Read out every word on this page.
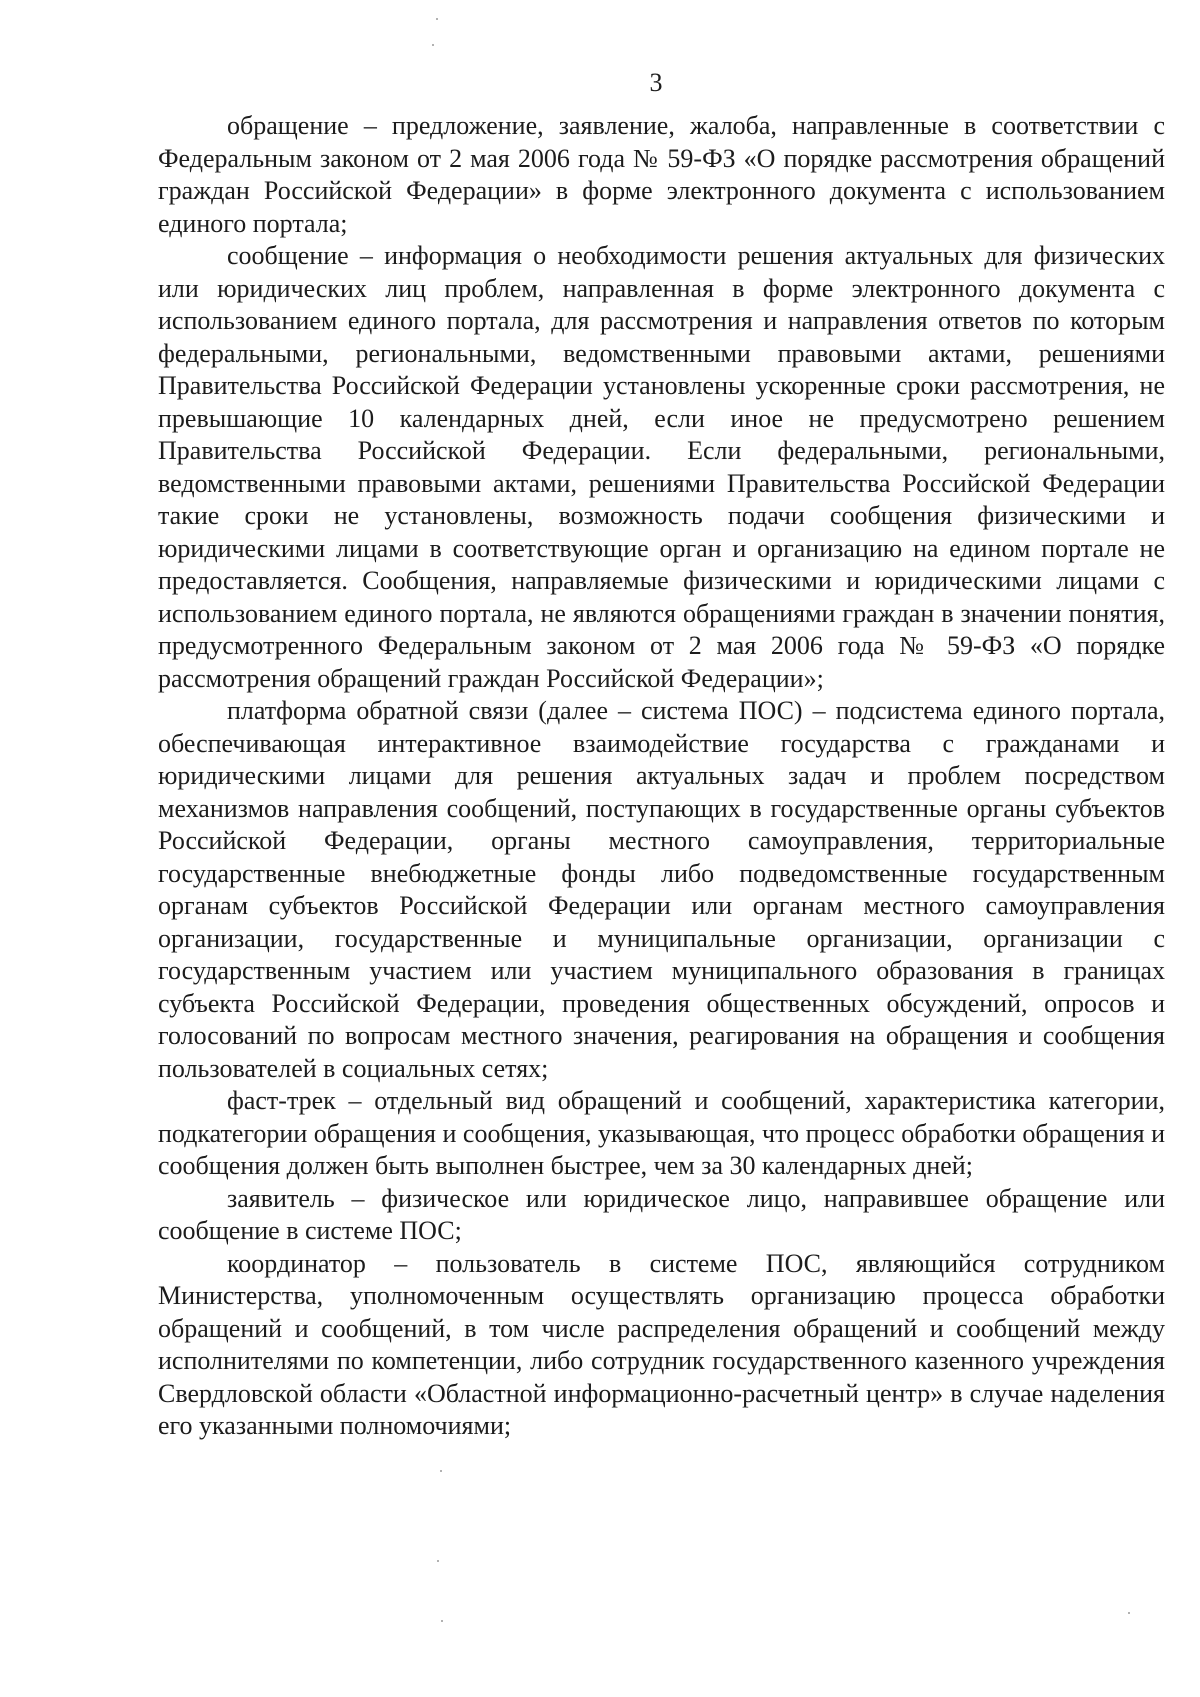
3

обращение – предложение, заявление, жалоба, направленные в соответствии с Федеральным законом от 2 мая 2006 года № 59-ФЗ «О порядке рассмотрения обращений граждан Российской Федерации» в форме электронного документа с использованием единого портала;

сообщение – информация о необходимости решения актуальных для физических или юридических лиц проблем, направленная в форме электронного документа с использованием единого портала, для рассмотрения и направления ответов по которым федеральными, региональными, ведомственными правовыми актами, решениями Правительства Российской Федерации установлены ускоренные сроки рассмотрения, не превышающие 10 календарных дней, если иное не предусмотрено решением Правительства Российской Федерации. Если федеральными, региональными, ведомственными правовыми актами, решениями Правительства Российской Федерации такие сроки не установлены, возможность подачи сообщения физическими и юридическими лицами в соответствующие орган и организацию на едином портале не предоставляется. Сообщения, направляемые физическими и юридическими лицами с использованием единого портала, не являются обращениями граждан в значении понятия, предусмотренного Федеральным законом от 2 мая 2006 года № 59-ФЗ «О порядке рассмотрения обращений граждан Российской Федерации»;

платформа обратной связи (далее – система ПОС) – подсистема единого портала, обеспечивающая интерактивное взаимодействие государства с гражданами и юридическими лицами для решения актуальных задач и проблем посредством механизмов направления сообщений, поступающих в государственные органы субъектов Российской Федерации, органы местного самоуправления, территориальные государственные внебюджетные фонды либо подведомственные государственным органам субъектов Российской Федерации или органам местного самоуправления организации, государственные и муниципальные организации, организации с государственным участием или участием муниципального образования в границах субъекта Российской Федерации, проведения общественных обсуждений, опросов и голосований по вопросам местного значения, реагирования на обращения и сообщения пользователей в социальных сетях;

фаст-трек – отдельный вид обращений и сообщений, характеристика категории, подкатегории обращения и сообщения, указывающая, что процесс обработки обращения и сообщения должен быть выполнен быстрее, чем за 30 календарных дней;

заявитель – физическое или юридическое лицо, направившее обращение или сообщение в системе ПОС;

координатор – пользователь в системе ПОС, являющийся сотрудником Министерства, уполномоченным осуществлять организацию процесса обработки обращений и сообщений, в том числе распределения обращений и сообщений между исполнителями по компетенции, либо сотрудник государственного казенного учреждения Свердловской области «Областной информационно-расчетный центр» в случае наделения его указанными полномочиями;
